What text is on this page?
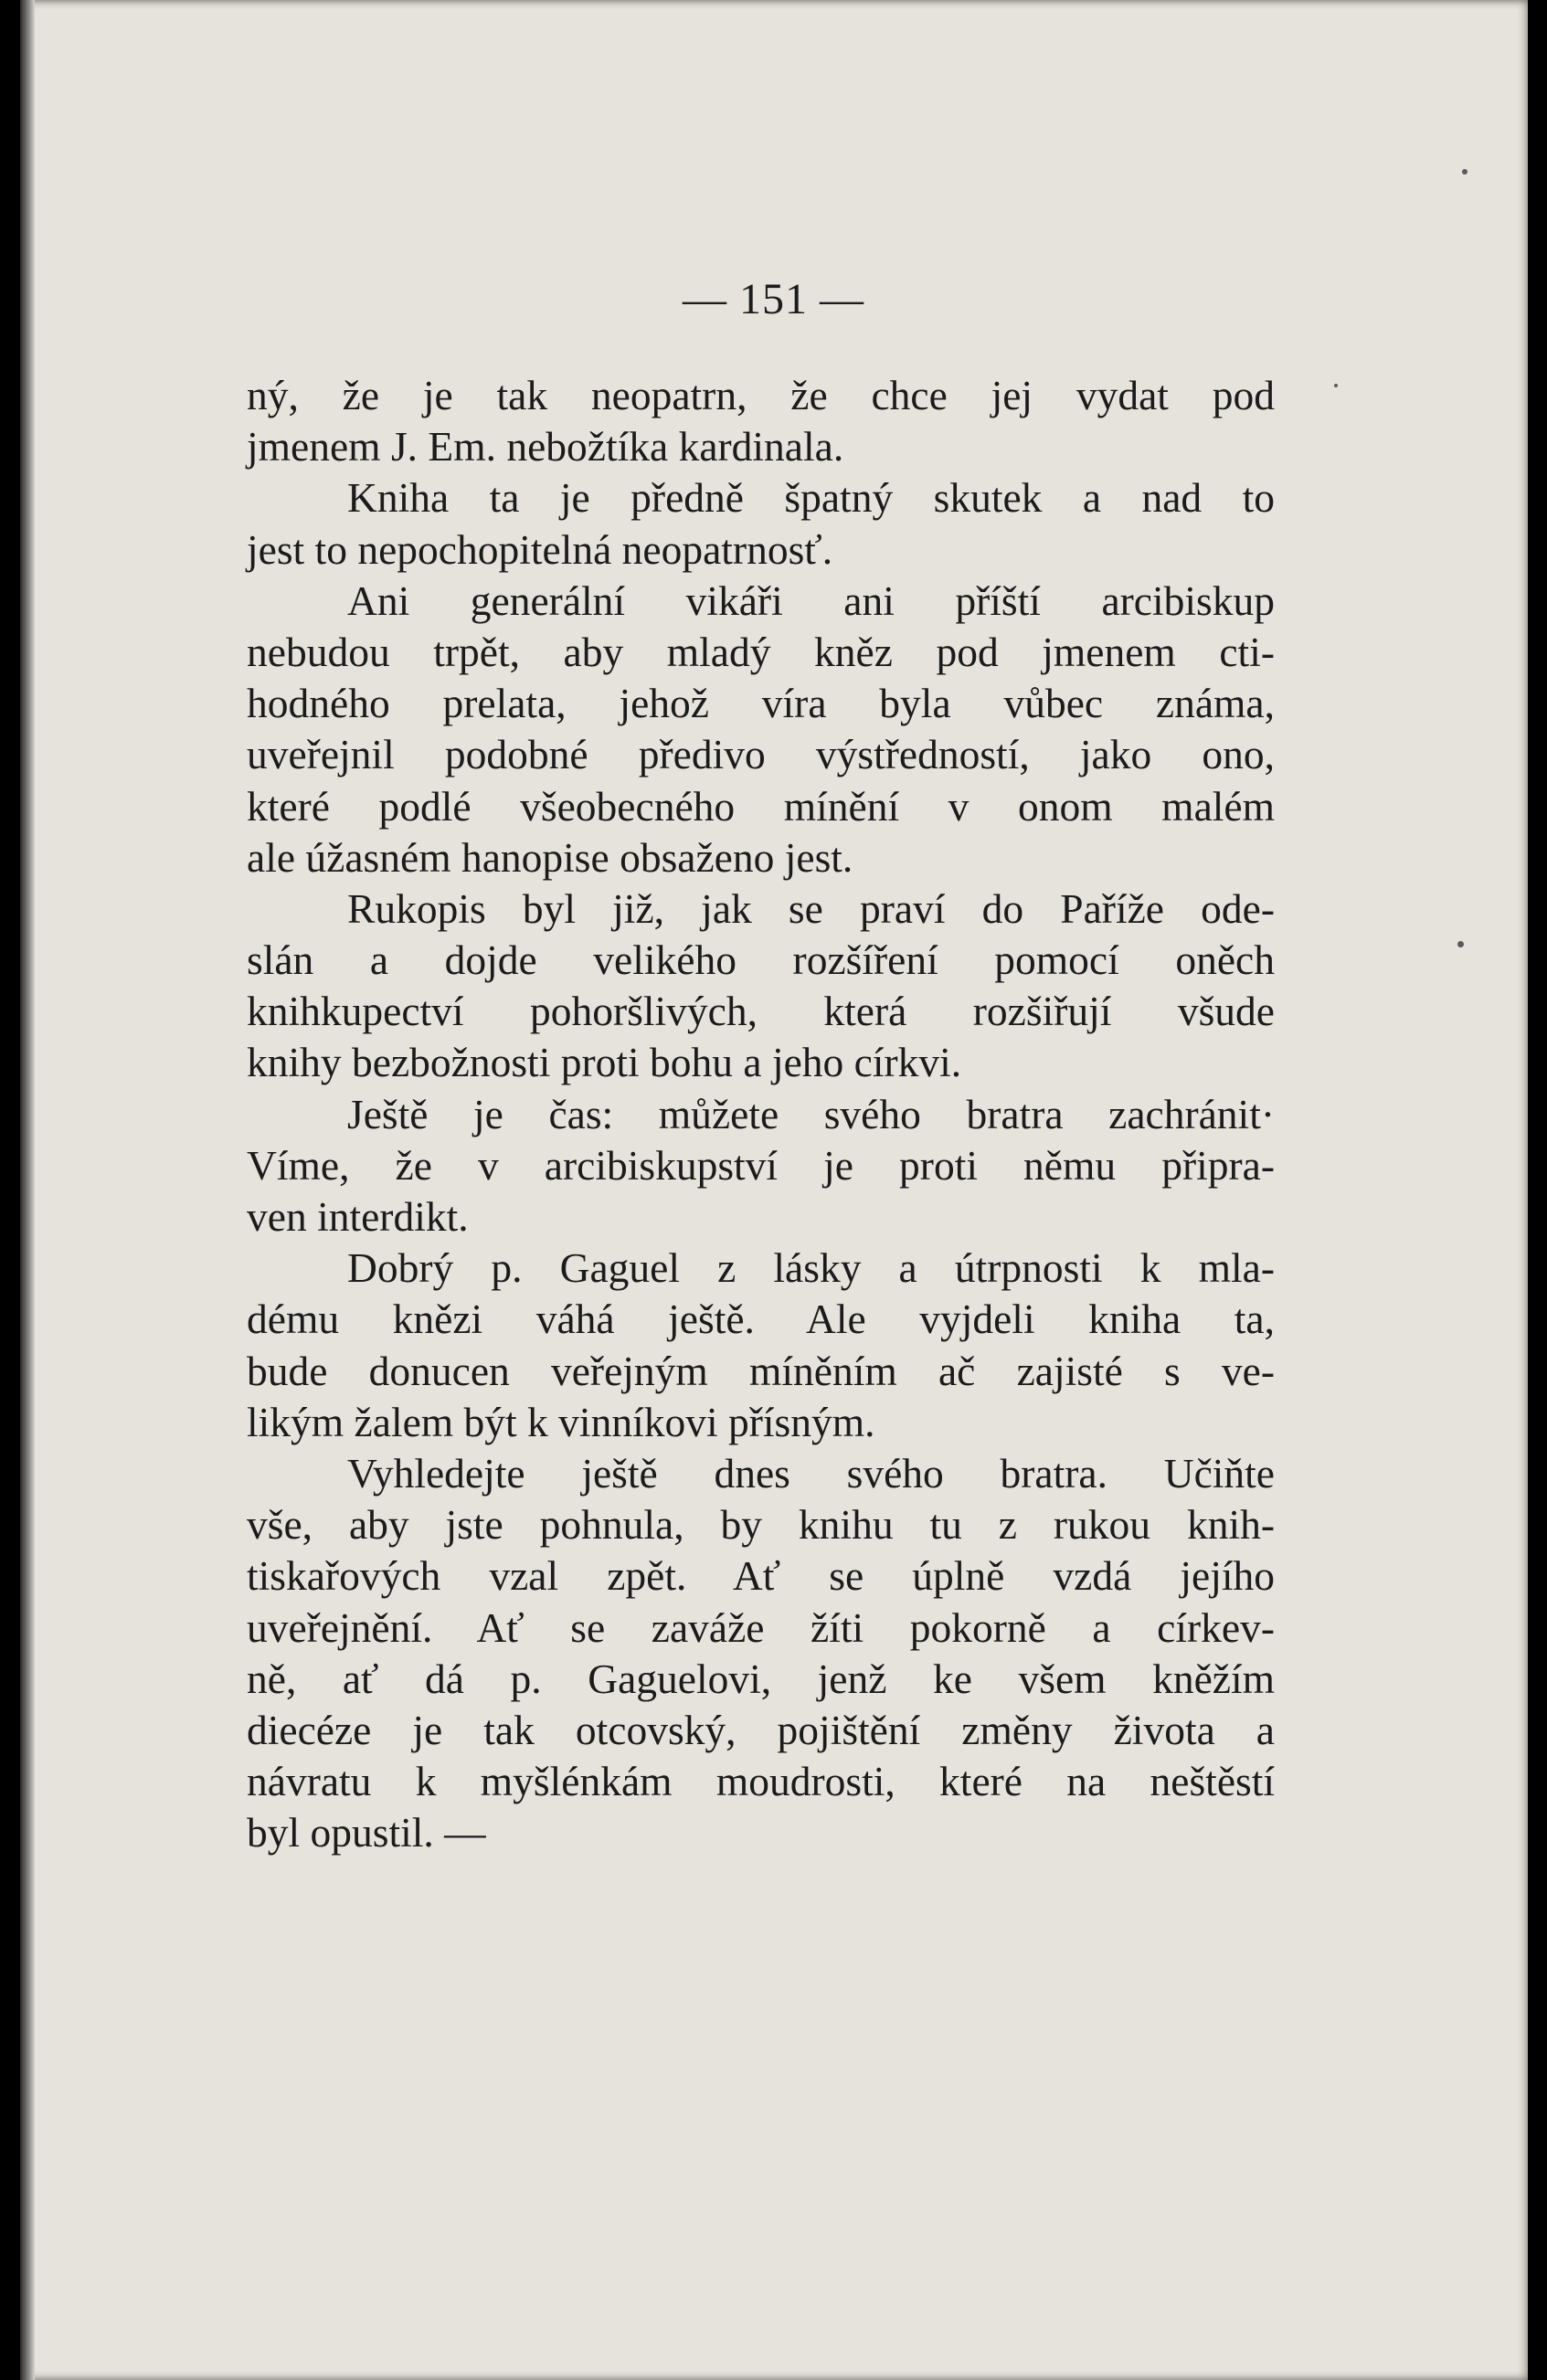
— 151 —
ný, že je tak neopatrn, že chce jej vydat pod
jmenem J. Em. nebožtíka kardinala.
Kniha ta je předně špatný skutek a nad to
jest to nepochopitelná neopatrnosť.
Ani generální vikáři ani příští arcibiskup
nebudou trpět, aby mladý kněz pod jmenem cti-
hodného prelata, jehož víra byla vůbec známa,
uveřejnil podobné předivo výstředností, jako ono,
které podlé všeobecného mínění v onom malém
ale úžasném hanopise obsaženo jest.
Rukopis byl již, jak se praví do Paříže ode-
slán a dojde velikého rozšíření pomocí oněch
knihkupectví pohoršlivých, která rozšiřují všude
knihy bezbožnosti proti bohu a jeho církvi.
Ještě je čas: můžete svého bratra zachránit·
Víme, že v arcibiskupství je proti němu připra-
ven interdikt.
Dobrý p. Gaguel z lásky a útrpnosti k mla-
dému knězi váhá ještě. Ale vyjdeli kniha ta,
bude donucen veřejným míněním ač zajisté s ve-
likým žalem být k vinníkovi přísným.
Vyhledejte ještě dnes svého bratra. Učiňte
vše, aby jste pohnula, by knihu tu z rukou knih-
tiskařových vzal zpět. Ať se úplně vzdá jejího
uveřejnění. Ať se zaváže žíti pokorně a církev-
ně, ať dá p. Gaguelovi, jenž ke všem kněžím
diecéze je tak otcovský, pojištění změny života a
návratu k myšlénkám moudrosti, které na neštěstí
byl opustil. —
